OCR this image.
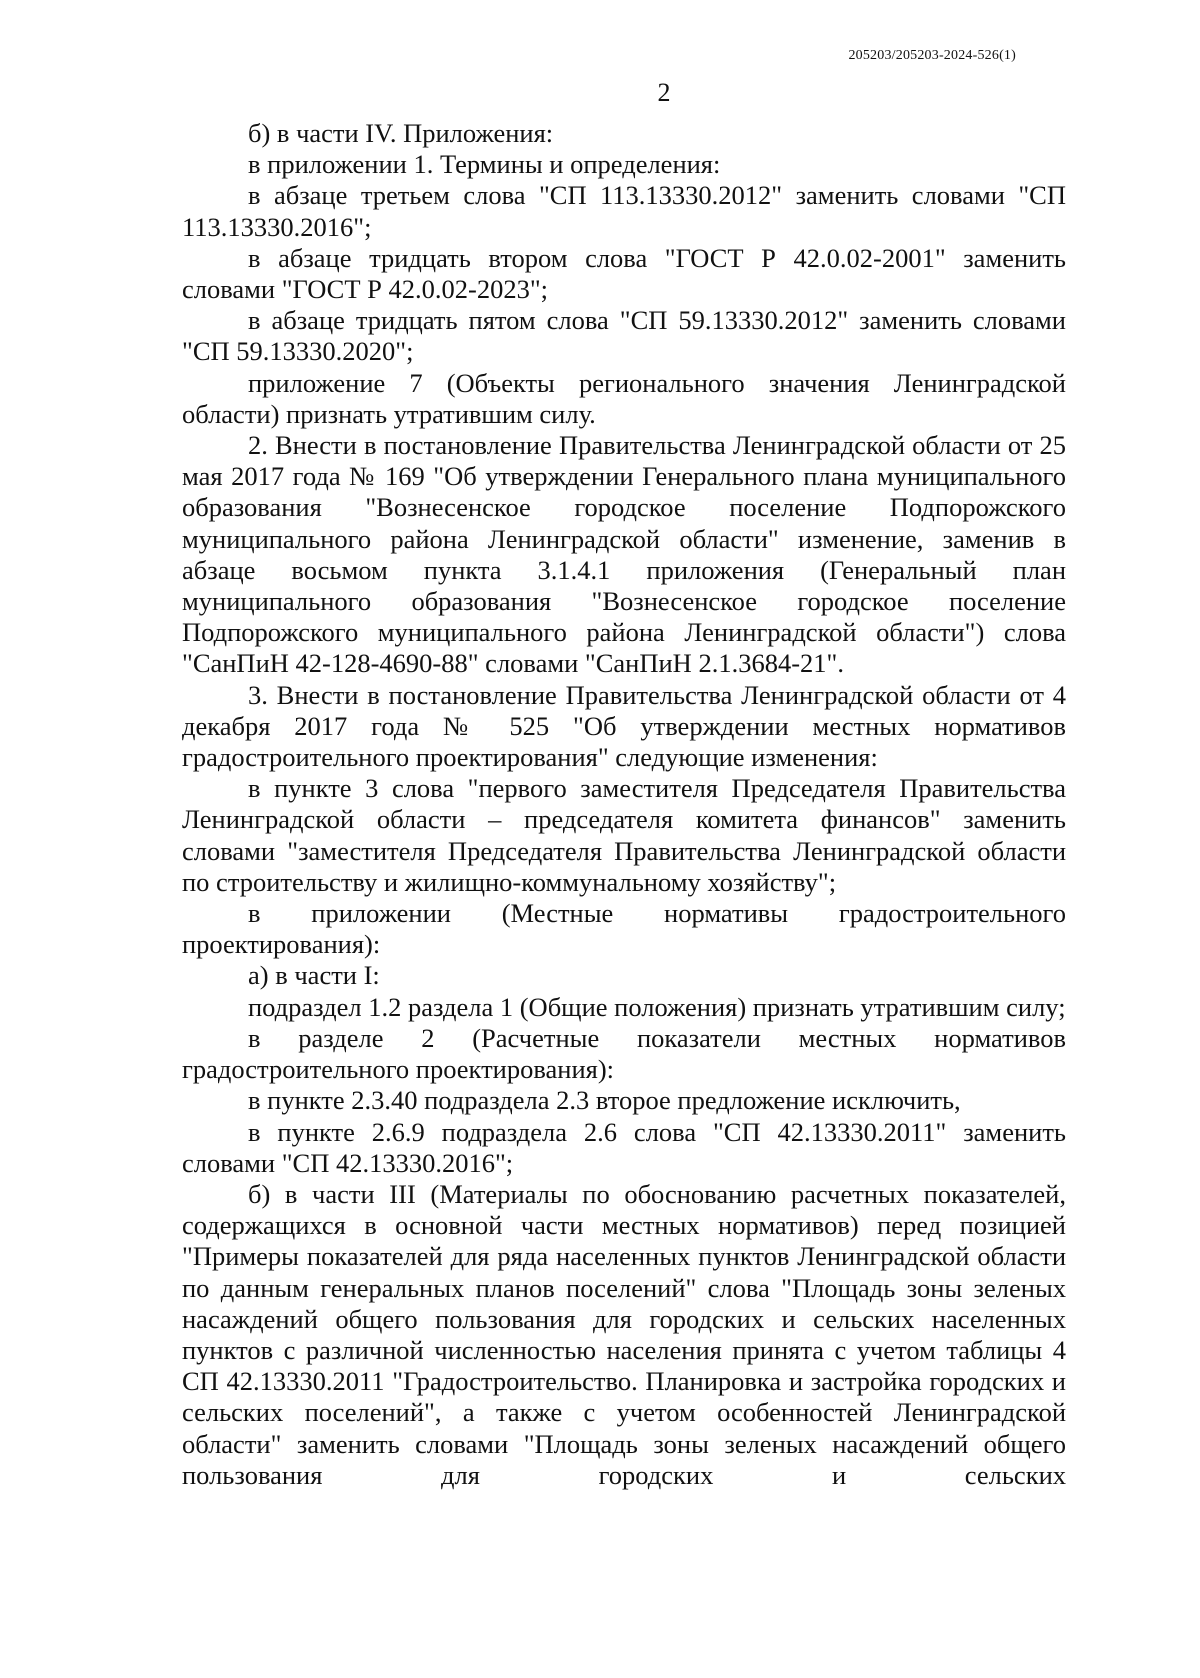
205203/205203-2024-526(1)
2

б) в части IV. Приложения:

в приложении 1. Термины и определения:

в абзаце третьем слова "СП 113.13330.2012" заменить словами "СП 113.13330.2016";

в абзаце тридцать втором слова "ГОСТ Р 42.0.02-2001" заменить словами "ГОСТ Р 42.0.02-2023";

в абзаце тридцать пятом слова "СП 59.13330.2012" заменить словами "СП 59.13330.2020";

приложение 7 (Объекты регионального значения Ленинградской области) признать утратившим силу.

2. Внести в постановление Правительства Ленинградской области от 25 мая 2017 года № 169 "Об утверждении Генерального плана муниципального образования "Вознесенское городское поселение Подпорожского муниципального района Ленинградской области" изменение, заменив в абзаце восьмом пункта 3.1.4.1 приложения (Генеральный план муниципального образования "Вознесенское городское поселение Подпорожского муниципального района Ленинградской области") слова "СанПиН 42-128-4690-88" словами "СанПиН 2.1.3684-21".

3. Внести в постановление Правительства Ленинградской области от 4 декабря 2017 года № 525 "Об утверждении местных нормативов градостроительного проектирования" следующие изменения:

в пункте 3 слова "первого заместителя Председателя Правительства Ленинградской области – председателя комитета финансов" заменить словами "заместителя Председателя Правительства Ленинградской области по строительству и жилищно-коммунальному хозяйству";

в приложении (Местные нормативы градостроительного проектирования):

а) в части I:

подраздел 1.2 раздела 1 (Общие положения) признать утратившим силу;

в разделе 2 (Расчетные показатели местных нормативов градостроительного проектирования):

в пункте 2.3.40 подраздела 2.3 второе предложение исключить,

в пункте 2.6.9 подраздела 2.6 слова "СП 42.13330.2011" заменить словами "СП 42.13330.2016";

б) в части III (Материалы по обоснованию расчетных показателей, содержащихся в основной части местных нормативов) перед позицией "Примеры показателей для ряда населенных пунктов Ленинградской области по данным генеральных планов поселений" слова "Площадь зоны зеленых насаждений общего пользования для городских и сельских населенных пунктов с различной численностью населения принята с учетом таблицы 4 СП 42.13330.2011 "Градостроительство. Планировка и застройка городских и сельских поселений", а также с учетом особенностей Ленинградской области" заменить словами "Площадь зоны зеленых насаждений общего пользования для городских и сельских
